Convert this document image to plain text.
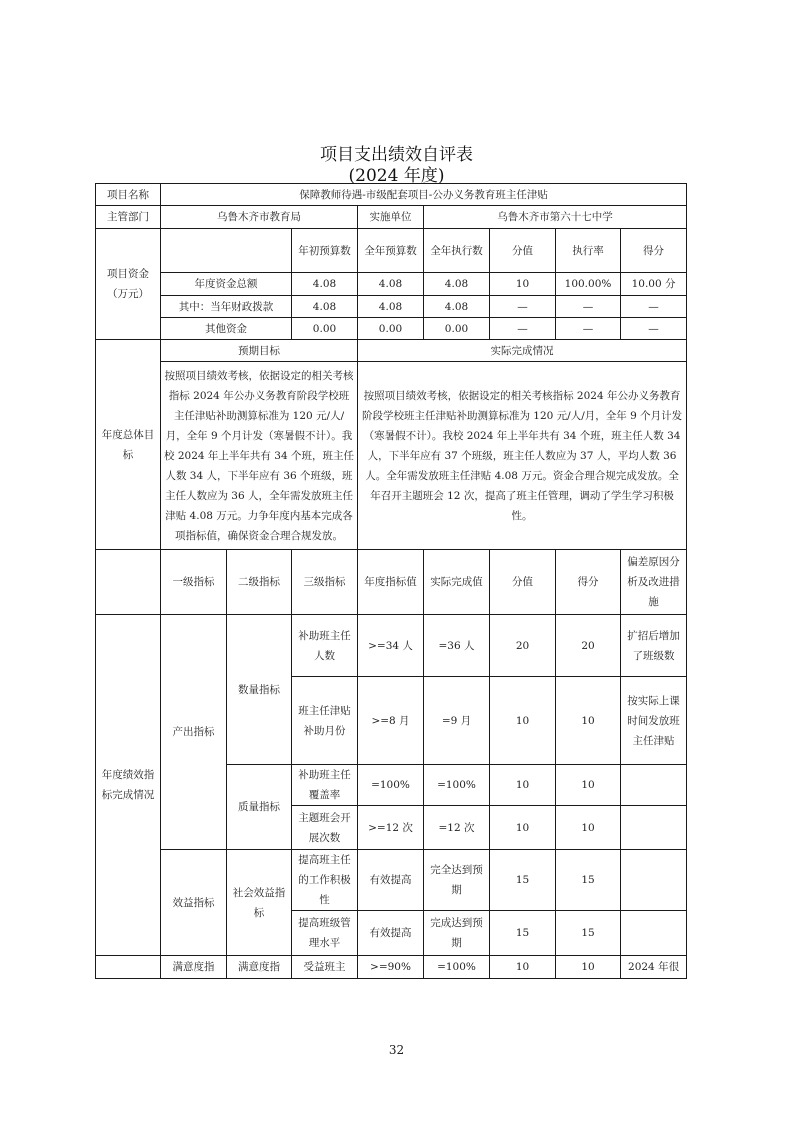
项目支出绩效自评表
(2024 年度)
项目名称	保障教师待遇-市级配套项目-公办义务教育班主任津贴							
主管部门	乌鲁木齐市教育局			实施单位	乌鲁木齐市第六十七中学			
项目资金（万元）			年初预算数	全年预算数	全年执行数	分值	执行率	得分
	年度资金总额		4.08	4.08	4.08	10	100.00%	10.00 分
	其中：当年财政拨款		4.08	4.08	4.08	—	—	—
	其他资金		0.00	0.00	0.00	—	—	—
年度总体目标	预期目标			实际完成情况				
	按照项目绩效考核，依据设定的相关考核指标 2024 年公办义务教育阶段学校班主任津贴补助测算标准为 120 元/人/月，全年 9 个月计发（寒暑假不计）。我校 2024 年上半年共有 34 个班，班主任人数 34 人，下半年应有 36 个班级，班主任人数应为 36 人，全年需发放班主任津贴 4.08 万元。力争年度内基本完成各项指标值，确保资金合理合规发放。			按照项目绩效考核，依据设定的相关考核指标 2024 年公办义务教育阶段学校班主任津贴补助测算标准为 120 元/人/月，全年 9 个月计发（寒暑假不计）。我校 2024 年上半年共有 34 个班，班主任人数 34 人，下半年应有 37 个班级，班主任人数应为 37 人，平均人数 36 人。全年需发放班主任津贴 4.08 万元。资金合理合规完成发放。全年召开主题班会 12 次，提高了班主任管理，调动了学生学习积极性。				
	一级指标	二级指标	三级指标	年度指标值	实际完成值	分值	得分	偏差原因分析及改进措施
年度绩效指标完成情况	产出指标	数量指标	补助班主任人数	>=34 人	=36 人	20	20	扩招后增加了班级数
			班主任津贴补助月份	>=8 月	=9 月	10	10	按实际上课时间发放班主任津贴
		质量指标	补助班主任覆盖率	=100%	=100%	10	10	
			主题班会开展次数	>=12 次	=12 次	10	10	
	效益指标	社会效益指标	提高班主任的工作积极性	有效提高	完全达到预期	15	15	
			提高班级管理水平	有效提高	完成达到预期	15	15	
	满意度指	满意度指	受益班主	>=90%	=100%	10	10	2024 年很
32
